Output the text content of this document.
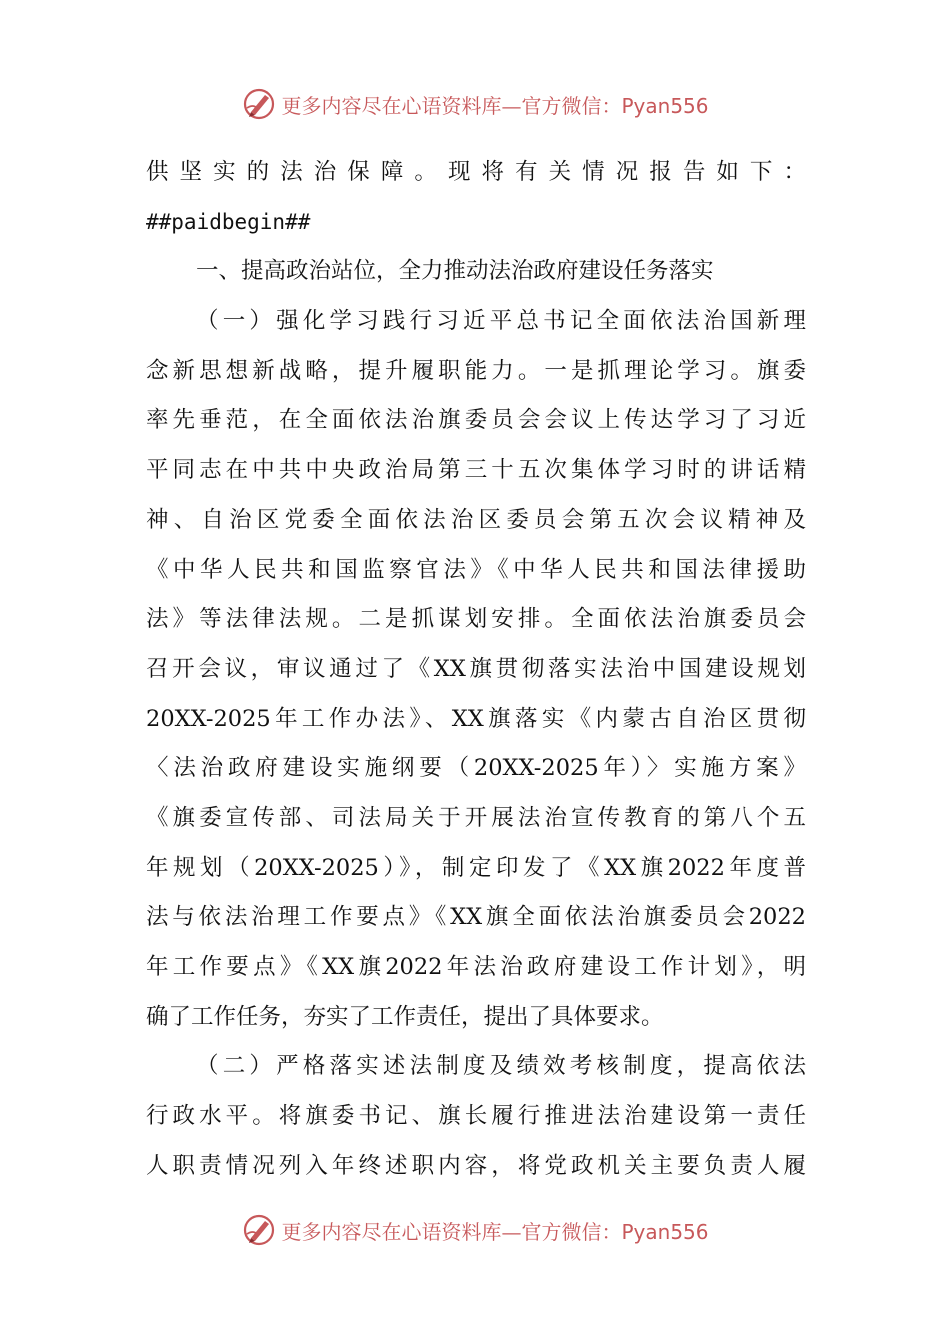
更多内容尽在心语资料库—官方微信：Pyan556
供坚实的法治保障。现将有关情况报告如下：
##paidbegin##
一、提高政治站位，全力推动法治政府建设任务落实
（一）强化学习践行习近平总书记全面依法治国新理
念新思想新战略，提升履职能力。一是抓理论学习。旗委
率先垂范，在全面依法治旗委员会会议上传达学习了习近
平同志在中共中央政治局第三十五次集体学习时的讲话精
神、自治区党委全面依法治区委员会第五次会议精神及
《中华人民共和国监察官法》《中华人民共和国法律援助
法》等法律法规。二是抓谋划安排。全面依法治旗委员会
召开会议，审议通过了《XX旗贯彻落实法治中国建设规划
20XX-2025年工作办法》、XX旗落实《内蒙古自治区贯彻
〈法治政府建设实施纲要（20XX-2025年）〉实施方案》
《旗委宣传部、司法局关于开展法治宣传教育的第八个五
年规划（20XX-2025）》，制定印发了《XX旗2022年度普
法与依法治理工作要点》《XX旗全面依法治旗委员会2022
年工作要点》《XX旗2022年法治政府建设工作计划》，明
确了工作任务，夯实了工作责任，提出了具体要求。
（二）严格落实述法制度及绩效考核制度，提高依法
行政水平。将旗委书记、旗长履行推进法治建设第一责任
人职责情况列入年终述职内容，将党政机关主要负责人履
更多内容尽在心语资料库—官方微信：Pyan556
